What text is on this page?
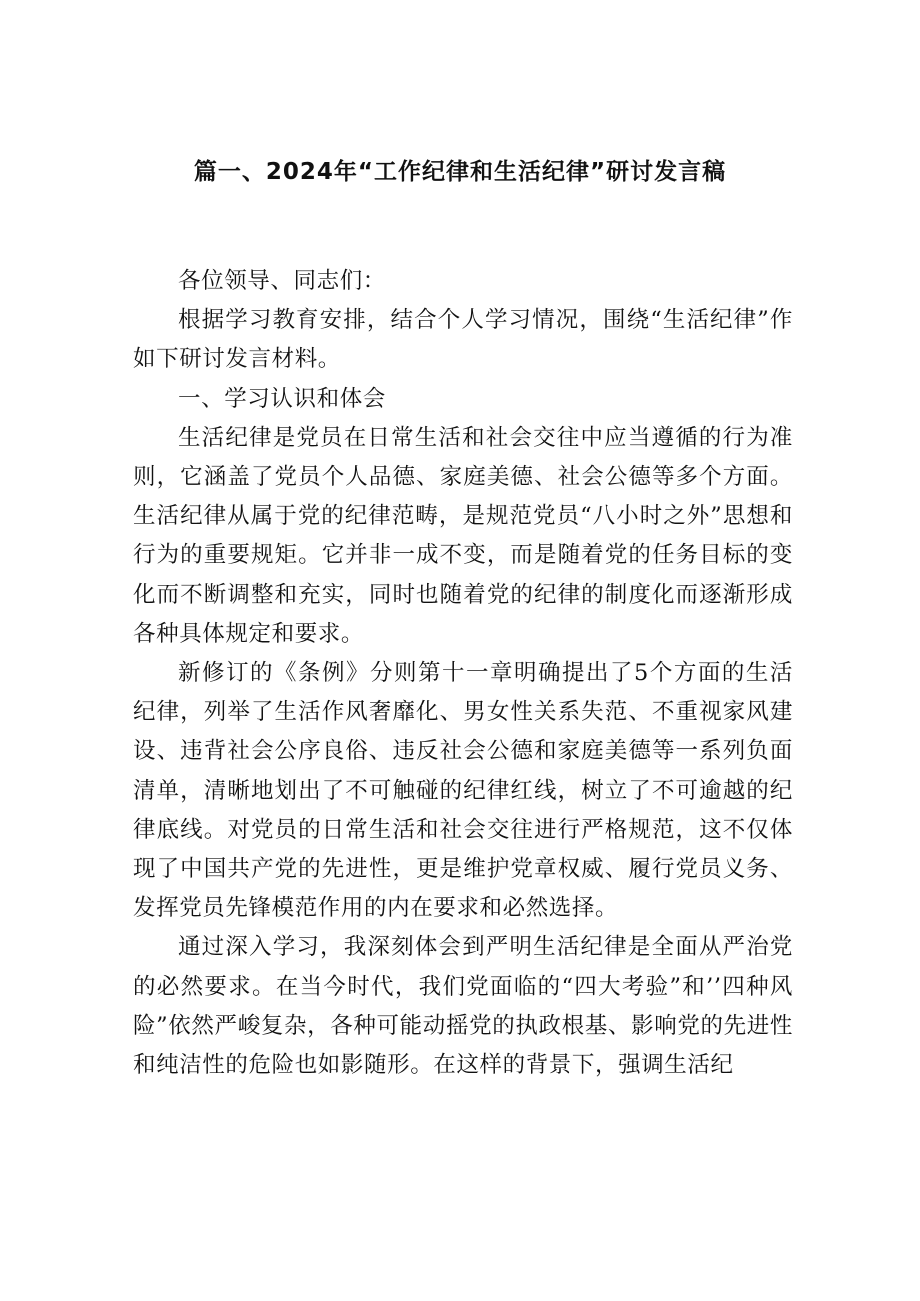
篇一、2024年“工作纪律和生活纪律”研讨发言稿

各位领导、同志们：

根据学习教育安排，结合个人学习情况，围绕“生活纪律”作如下研讨发言材料。

一、学习认识和体会

生活纪律是党员在日常生活和社会交往中应当遵循的行为准则，它涵盖了党员个人品德、家庭美德、社会公德等多个方面。生活纪律从属于党的纪律范畴，是规范党员“八小时之外”思想和行为的重要规矩。它并非一成不变，而是随着党的任务目标的变化而不断调整和充实，同时也随着党的纪律的制度化而逐渐形成各种具体规定和要求。

新修订的《条例》分则第十一章明确提出了5个方面的生活纪律，列举了生活作风奢靡化、男女性关系失范、不重视家风建设、违背社会公序良俗、违反社会公德和家庭美德等一系列负面清单，清晰地划出了不可触碰的纪律红线，树立了不可逾越的纪律底线。对党员的日常生活和社会交往进行严格规范，这不仅体现了中国共产党的先进性，更是维护党章权威、履行党员义务、发挥党员先锋模范作用的内在要求和必然选择。

通过深入学习，我深刻体会到严明生活纪律是全面从严治党的必然要求。在当今时代，我们党面临的“四大考验”和’’四种风险”依然严峻复杂，各种可能动摇党的执政根基、影响党的先进性和纯洁性的危险也如影随形。在这样的背景下，强调生活纪
